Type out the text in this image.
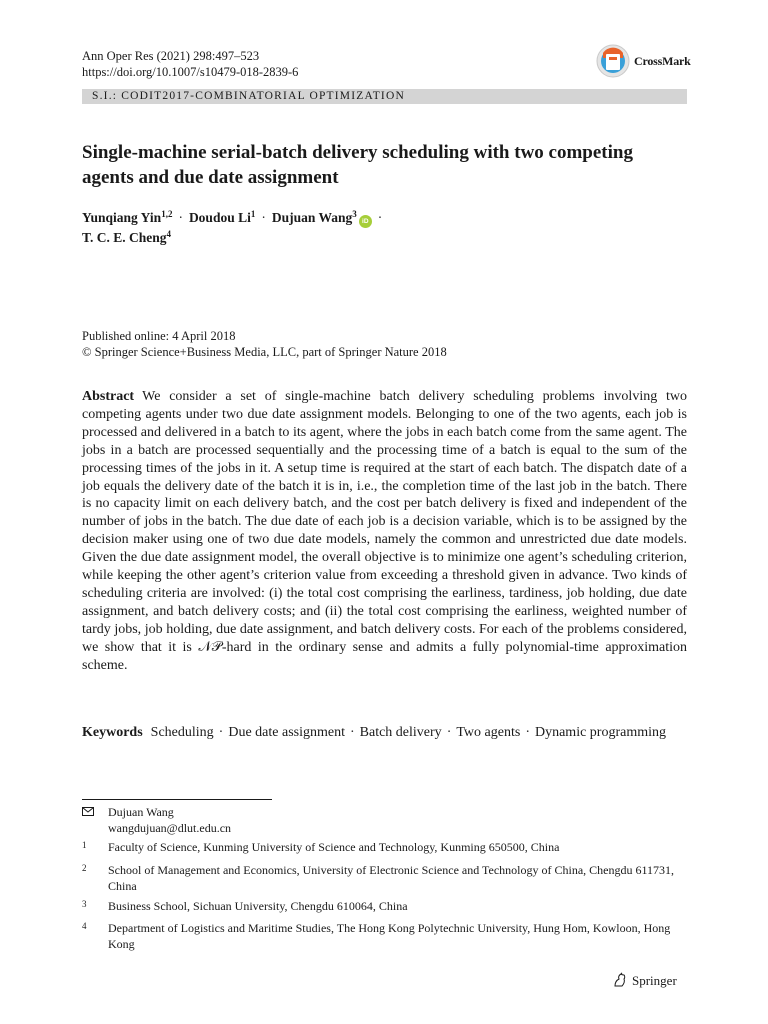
Ann Oper Res (2021) 298:497–523
https://doi.org/10.1007/s10479-018-2839-6
CrossMark
S.I.: CODIT2017-COMBINATORIAL OPTIMIZATION
Single-machine serial-batch delivery scheduling with two competing agents and due date assignment
Yunqiang Yin$^{1,2}$ · Doudou $Li^1$ · Dujuan Wang$^3$iD ·
T. C. E. Cheng$^4$
Published online: 4 April 2018
© Springer Science+Business Media, LLC, part of Springer Nature 2018

Abstract We consider a set of single-machine batch delivery scheduling problems involving two competing agents under two due date assignment models. Belonging to one of the two agents, each job is processed and delivered in a batch to its agent, where the jobs in each batch come from the same agent. The jobs in a batch are processed sequentially and the processing time of a batch is equal to the sum of the processing times of the jobs in it. A setup time is required at the start of each batch. The dispatch date of a job equals the delivery date of the batch it is in, i.e., the completion time of the last job in the batch. There is no capacity limit on each delivery batch, and the cost per batch delivery is fixed and independent of the number of jobs in the batch. The due date of each job is a decision variable, which is to be assigned by the decision maker using one of two due date models, namely the common and unrestricted due date models. Given the due date assignment model, the overall objective is to minimize one agent’s scheduling criterion, while keeping the other agent’s criterion value from exceeding a threshold given in advance. Two kinds of scheduling criteria are involved: (i) the total cost comprising the earliness, tardiness, job holding, due date assignment, and batch delivery costs; and (ii) the total cost comprising the earliness, weighted number of tardy jobs, job holding, due date assignment, and batch delivery costs. For each of the problems considered, we show that it is 𝒩𝒫-hard in the ordinary sense and admits a fully polynomial-time approximation scheme.

Keywords Scheduling · Due date assignment · Batch delivery · Two agents · Dynamic programming
Dujuan Wang
wangdujuan@dlut.edu.cn
1 Faculty of Science, Kunming University of Science and Technology, Kunming 650500, China
2 School of Management and Economics, University of Electronic Science and Technology of China, Chengdu 611731, China
3 Business School, Sichuan University, Chengdu 610064, China
4 Department of Logistics and Maritime Studies, The Hong Kong Polytechnic University, Hung Hom, Kowloon, Hong Kong
Springer
